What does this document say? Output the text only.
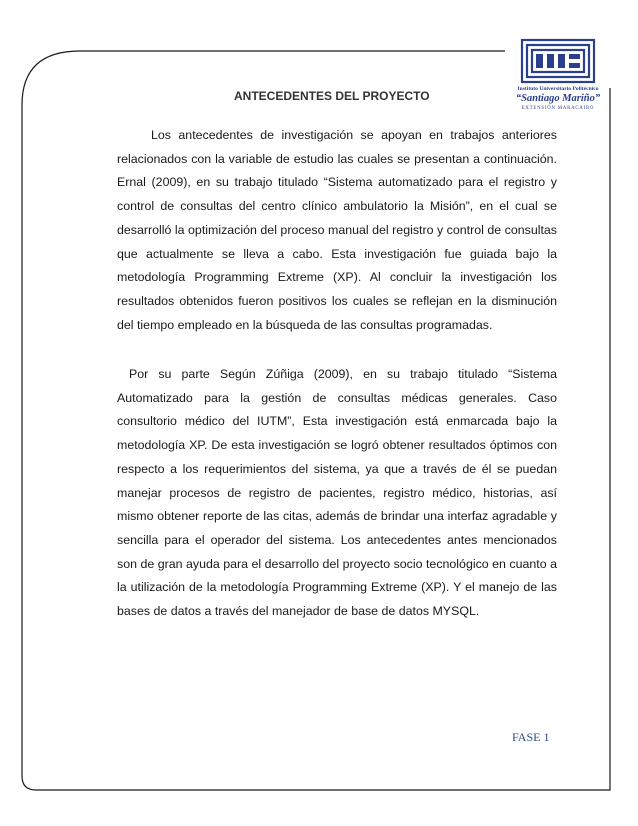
Instituto Universitario Politécnico
“Santiago Mariño”
EXTENSIÓN MARACAIBO
ANTECEDENTES DEL PROYECTO

Los antecedentes de investigación se apoyan en trabajos anteriores relacionados con la variable de estudio las cuales se presentan a continuación. Ernal (2009), en su trabajo titulado “Sistema automatizado para el registro y control de consultas del centro clínico ambulatorio la Misión”, en el cual se desarrolló la optimización del proceso manual del registro y control de consultas que actualmente se lleva a cabo. Esta investigación fue guiada bajo la metodología Programming Extreme (XP). Al concluir la investigación los resultados obtenidos fueron positivos los cuales se reflejan en la disminución del tiempo empleado en la búsqueda de las consultas programadas.

Por su parte Según Zúñiga (2009), en su trabajo titulado “Sistema Automatizado para la gestión de consultas médicas generales. Caso consultorio médico del IUTM”, Esta investigación está enmarcada bajo la metodología XP. De esta investigación se logró obtener resultados óptimos con respecto a los requerimientos del sistema, ya que a través de él se puedan manejar procesos de registro de pacientes, registro médico, historias, así mismo obtener reporte de las citas, además de brindar una interfaz agradable y sencilla para el operador del sistema. Los antecedentes antes mencionados son de gran ayuda para el desarrollo del proyecto socio tecnológico en cuanto a la utilización de la metodología Programming Extreme (XP). Y el manejo de las bases de datos a través del manejador de base de datos MYSQL.

FASE 1
